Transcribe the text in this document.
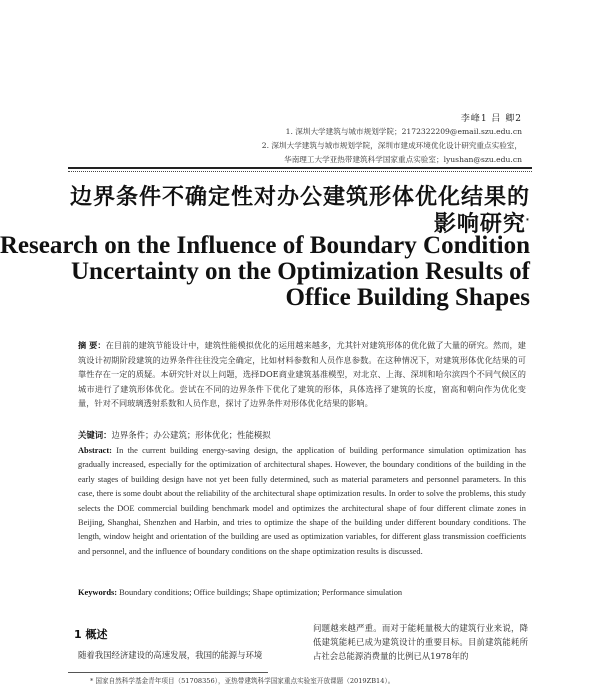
李峰1 吕 卿2
1. 深圳大学建筑与城市规划学院；2172322209@email.szu.edu.cn
2. 深圳大学建筑与城市规划学院，深圳市建成环境优化设计研究重点实验室，
华南理工大学亚热带建筑科学国家重点实验室；lyushan@szu.edu.cn
边界条件不确定性对办公建筑形体优化结果的
影响研究*
Research on the Influence of Boundary Condition
Uncertainty on the Optimization Results of
Office Building Shapes
摘 要：在目前的建筑节能设计中，建筑性能模拟优化的运用越来越多，尤其针对建筑形体的优化做了大量的研究。然而，建筑设计初期阶段建筑的边界条件往往没完全确定，比如材料参数和人员作息参数。在这种情况下，对建筑形体优化结果的可靠性存在一定的质疑。本研究针对以上问题，选择DOE商业建筑基准模型，对北京、上海、深圳和哈尔滨四个不同气候区的城市进行了建筑形体优化。尝试在不同的边界条件下优化了建筑的形体，具体选择了建筑的长度，窗高和朝向作为优化变量，针对不同玻璃透射系数和人员作息，探讨了边界条件对形体优化结果的影响。
关键词：边界条件；办公建筑；形体优化；性能模拟
Abstract: In the current building energy-saving design, the application of building performance simulation optimization has gradually increased, especially for the optimization of architectural shapes. However, the boundary conditions of the building in the early stages of building design have not yet been fully determined, such as material parameters and personnel parameters. In this case, there is some doubt about the reliability of the architectural shape optimization results. In order to solve the problems, this study selects the DOE commercial building benchmark model and optimizes the architectural shape of four different climate zones in Beijing, Shanghai, Shenzhen and Harbin, and tries to optimize the shape of the building under different boundary conditions. The length, window height and orientation of the building are used as optimization variables, for different glass transmission coefficients and personnel, and the influence of boundary conditions on the shape optimization results is discussed.
Keywords: Boundary conditions; Office buildings; Shape optimization; Performance simulation
1 概述
随着我国经济建设的高速发展，我国的能源与环境
问题越来越严重。而对于能耗量极大的建筑行业来说，降低建筑能耗已成为建筑设计的重要目标。目前建筑能耗所占社会总能源消费量的比例已从1978年的
* 国家自然科学基金青年项目（51708356），亚热带建筑科学国家重点实验室开放课题（2019ZB14）。
